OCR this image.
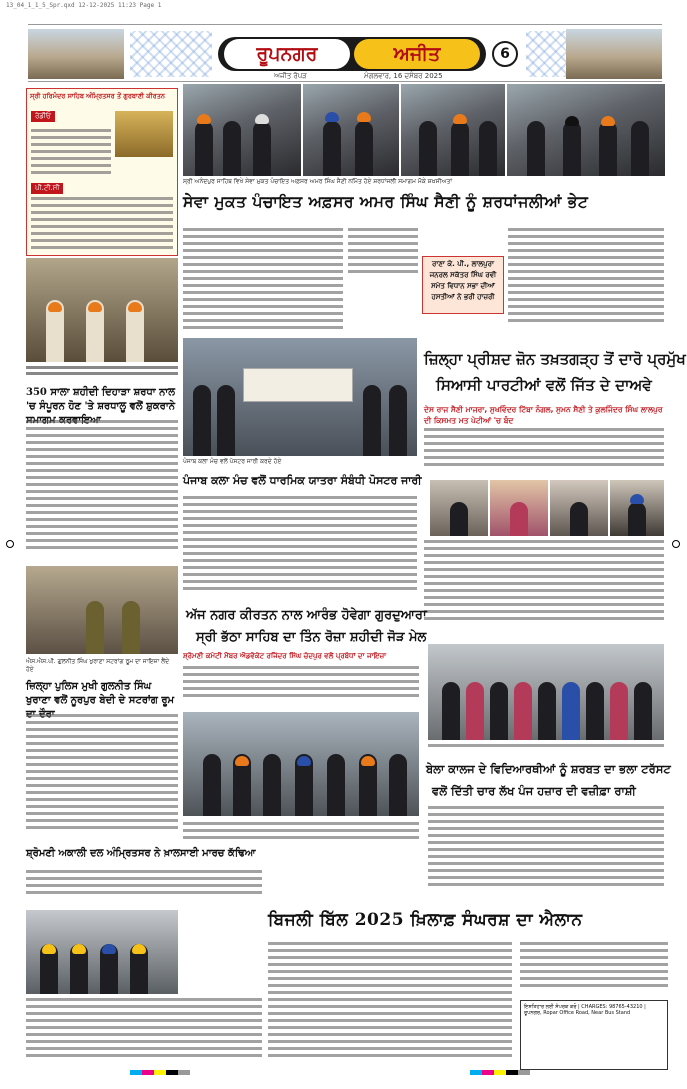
13_04_1_1_5_Spr.qxd 12-12-2025 11:23 Page 1
ਰੂਪਨਗਰ	ਅਜੀਤ	6
ਅਜੀਤ ਰੋਪੜ	ਮੰਗਲਵਾਰ, 16 ਦਸੰਬਰ 2025
ਸ੍ਰੀ ਹਰਿਮੰਦਰ ਸਾਹਿਬ ਅੰਮ੍ਰਿਤਸਰ ਤੋਂ ਗੁਰਬਾਣੀ ਕੀਰਤਨ
ਰੇਡੀਓ
ਪੀ.ਟੀ.ਸੀ
ਸ੍ਰੀ ਅਨੰਦਪੁਰ ਸਾਹਿਬ ਵਿਖੇ ਸੇਵਾ ਮੁਕਤ ਪੰਚਾਇਤ ਅਫ਼ਸਰ ਅਮਰ ਸਿੰਘ ਸੈਣੀ ਨਮਿੱਤ ਹੋਏ ਸ਼ਰਧਾਂਜਲੀ ਸਮਾਗਮ ਮੌਕੇ ਸ਼ਖ਼ਸੀਅਤਾਂ
ਸੇਵਾ ਮੁਕਤ ਪੰਚਾਇਤ ਅਫ਼ਸਰ ਅਮਰ ਸਿੰਘ ਸੈਣੀ ਨੂੰ ਸ਼ਰਧਾਂਜਲੀਆਂ ਭੇਟ
ਰਾਣਾ ਕੇ. ਪੀ., ਲਾਲਪੁਰਾ ਜਨਰਲ ਸਕੱਤਰ ਸਿੰਘ ਰਵੀ ਸਮੇਤ ਵਿਧਾਨ ਸਭਾ ਦੀਆਂ ਹਸਤੀਆਂ ਨੇ ਭਰੀ ਹਾਜ਼ਰੀ
350 ਸਾਲਾ ਸ਼ਹੀਦੀ ਦਿਹਾੜਾ ਸ਼ਰਧਾ ਨਾਲ 'ਚ ਸੰਪੂਰਨ ਹੋਣ 'ਤੇ ਸ਼ਰਧਾਲੂ ਵਲੋਂ ਸ਼ੁਕਰਾਨੇ
ਪੰਜਾਬ ਕਲਾ ਮੰਚ ਵਲੋਂ ਪੋਸਟਰ ਜਾਰੀ ਕਰਦੇ ਹੋਏ
ਪੰਜਾਬ ਕਲਾ ਮੰਚ ਵਲੋਂ ਧਾਰਮਿਕ ਯਾਤਰਾ ਸੰਬੰਧੀ ਪੋਸਟਰ ਜਾਰੀ
ਜ਼ਿਲ੍ਹਾ ਪ੍ਰੀਸ਼ਦ ਜ਼ੋਨ ਤਖ਼ਤਗੜ੍ਹ ਤੋਂ ਦਾਰੋ ਪ੍ਰਮੁੱਖ
ਸਿਆਸੀ ਪਾਰਟੀਆਂ ਵਲੋਂ ਜਿੱਤ ਦੇ ਦਾਅਵੇ
ਦੇਸ ਰਾਜ ਸੈਣੀ ਮਾਜਰਾ, ਸੁਖਵਿੰਦਰ ਟਿੱਬਾ ਨੰਗਲ, ਸੁਮਨ ਸੈਣੀ ਤੇ ਕੁਲਜਿੰਦਰ ਸਿੰਘ ਲਾਲਪੁਰ ਦੀ ਕਿਸਮਤ ਮਤ ਪੇਟੀਆਂ 'ਚ ਬੰਦ
ਐਸ.ਐਸ.ਪੀ. ਗੁਲਨੀਤ ਸਿੰਘ ਖੁਰਾਣਾ ਸਟਰਾਂਗ ਰੂਮ ਦਾ ਜਾਇਜ਼ਾ ਲੈਂਦੇ ਹੋਏ
ਜ਼ਿਲ੍ਹਾ ਪੁਲਿਸ ਮੁਖੀ ਗੁਲਨੀਤ ਸਿੰਘ ਖੁਰਾਣਾ ਵਲੋਂ ਨੂਰਪੁਰ ਬੇਦੀ ਦੇ ਸਟਰਾਂਗ ਰੂਮ
ਅੱਜ ਨਗਰ ਕੀਰਤਨ ਨਾਲ ਆਰੰਭ ਹੋਵੇਗਾ ਗੁਰਦੁਆਰਾ
ਸ੍ਰੀ ਭੱਠਾ ਸਾਹਿਬ ਦਾ ਤਿੰਨ ਰੋਜ਼ਾ ਸ਼ਹੀਦੀ ਜੋੜ ਮੇਲ
ਸ਼੍ਰੋਮਣੀ ਕਮੇਟੀ ਮੈਂਬਰ ਐਡਵੋਕੇਟ ਰਜਿੰਦਰ ਸਿੰਘ ਚੰਦਪੁਰ ਵਲੋਂ ਪ੍ਰਬੰਧਾਂ ਦਾ ਜਾਇਜ਼ਾ
ਬੇਲਾ ਕਾਲਜ ਦੇ ਵਿਦਿਆਰਥੀਆਂ ਨੂੰ ਸ਼ਰਬਤ ਦਾ ਭਲਾ ਟਰੱਸਟ
ਵਲੋਂ ਦਿੱਤੀ ਚਾਰ ਲੱਖ ਪੰਜ ਹਜ਼ਾਰ ਦੀ ਵਜ਼ੀਫ਼ਾ ਰਾਸ਼ੀ
ਸ਼੍ਰੋਮਣੀ ਅਕਾਲੀ ਦਲ ਅੰਮ੍ਰਿਤਸਰ ਨੇ ਖ਼ਾਲਸਾਈ ਮਾਰਚ ਕੱਢਿਆ
ਬਿਜਲੀ ਬਿੱਲ 2025 ਖ਼ਿਲਾਫ਼ ਸੰਘਰਸ਼ ਦਾ ਐਲਾਨ
ਇਸ਼ਤਿਹਾਰ ਲਈ ਸੰਪਰਕ ਕਰੋ | CHARGES: 98765-43210 | ਰੂਪਨਗਰ, Ropar Office Road, Near Bus Stand
